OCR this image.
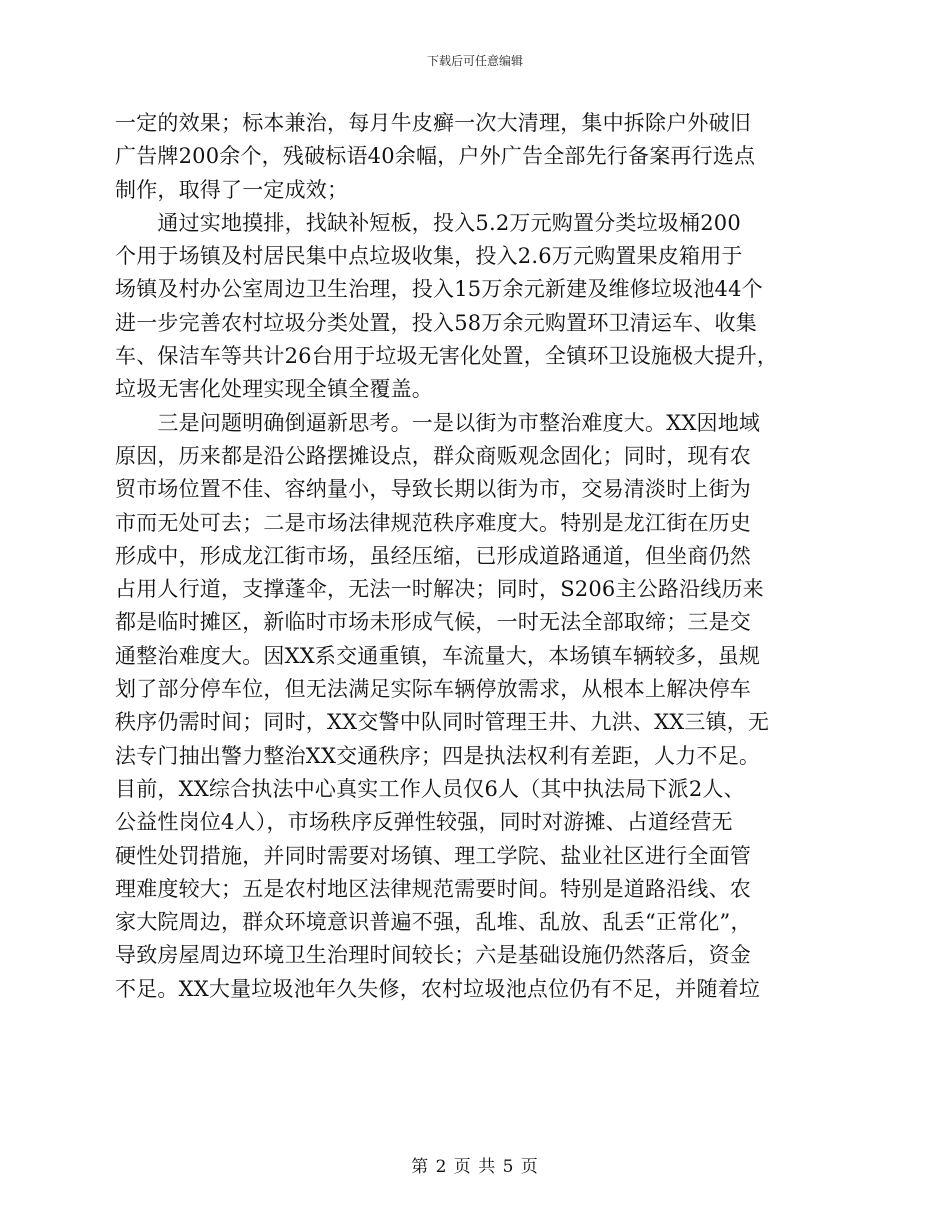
下载后可任意编辑
一定的效果；标本兼治，每月牛皮癣一次大清理，集中拆除户外破旧
广告牌200余个，残破标语40余幅，户外广告全部先行备案再行选点
制作，取得了一定成效；
　　通过实地摸排，找缺补短板，投入5.2万元购置分类垃圾桶200
个用于场镇及村居民集中点垃圾收集，投入2.6万元购置果皮箱用于
场镇及村办公室周边卫生治理，投入15万余元新建及维修垃圾池44个
进一步完善农村垃圾分类处置，投入58万余元购置环卫清运车、收集
车、保洁车等共计26台用于垃圾无害化处置，全镇环卫设施极大提升，
垃圾无害化处理实现全镇全覆盖。
　　三是问题明确倒逼新思考。一是以街为市整治难度大。XX因地域
原因，历来都是沿公路摆摊设点，群众商贩观念固化；同时，现有农
贸市场位置不佳、容纳量小，导致长期以街为市，交易清淡时上街为
市而无处可去；二是市场法律规范秩序难度大。特别是龙江街在历史
形成中，形成龙江街市场，虽经压缩，已形成道路通道，但坐商仍然
占用人行道，支撑蓬伞，无法一时解决；同时，S206主公路沿线历来
都是临时摊区，新临时市场未形成气候，一时无法全部取缔；三是交
通整治难度大。因XX系交通重镇，车流量大，本场镇车辆较多，虽规
划了部分停车位，但无法满足实际车辆停放需求，从根本上解决停车
秩序仍需时间；同时，XX交警中队同时管理王井、九洪、XX三镇，无
法专门抽出警力整治XX交通秩序；四是执法权利有差距，人力不足。
目前，XX综合执法中心真实工作人员仅6人（其中执法局下派2人、
公益性岗位4人），市场秩序反弹性较强，同时对游摊、占道经营无
硬性处罚措施，并同时需要对场镇、理工学院、盐业社区进行全面管
理难度较大；五是农村地区法律规范需要时间。特别是道路沿线、农
家大院周边，群众环境意识普遍不强，乱堆、乱放、乱丢“正常化”，
导致房屋周边环境卫生治理时间较长；六是基础设施仍然落后，资金
不足。XX大量垃圾池年久失修，农村垃圾池点位仍有不足，并随着垃
第 2 页 共 5 页
